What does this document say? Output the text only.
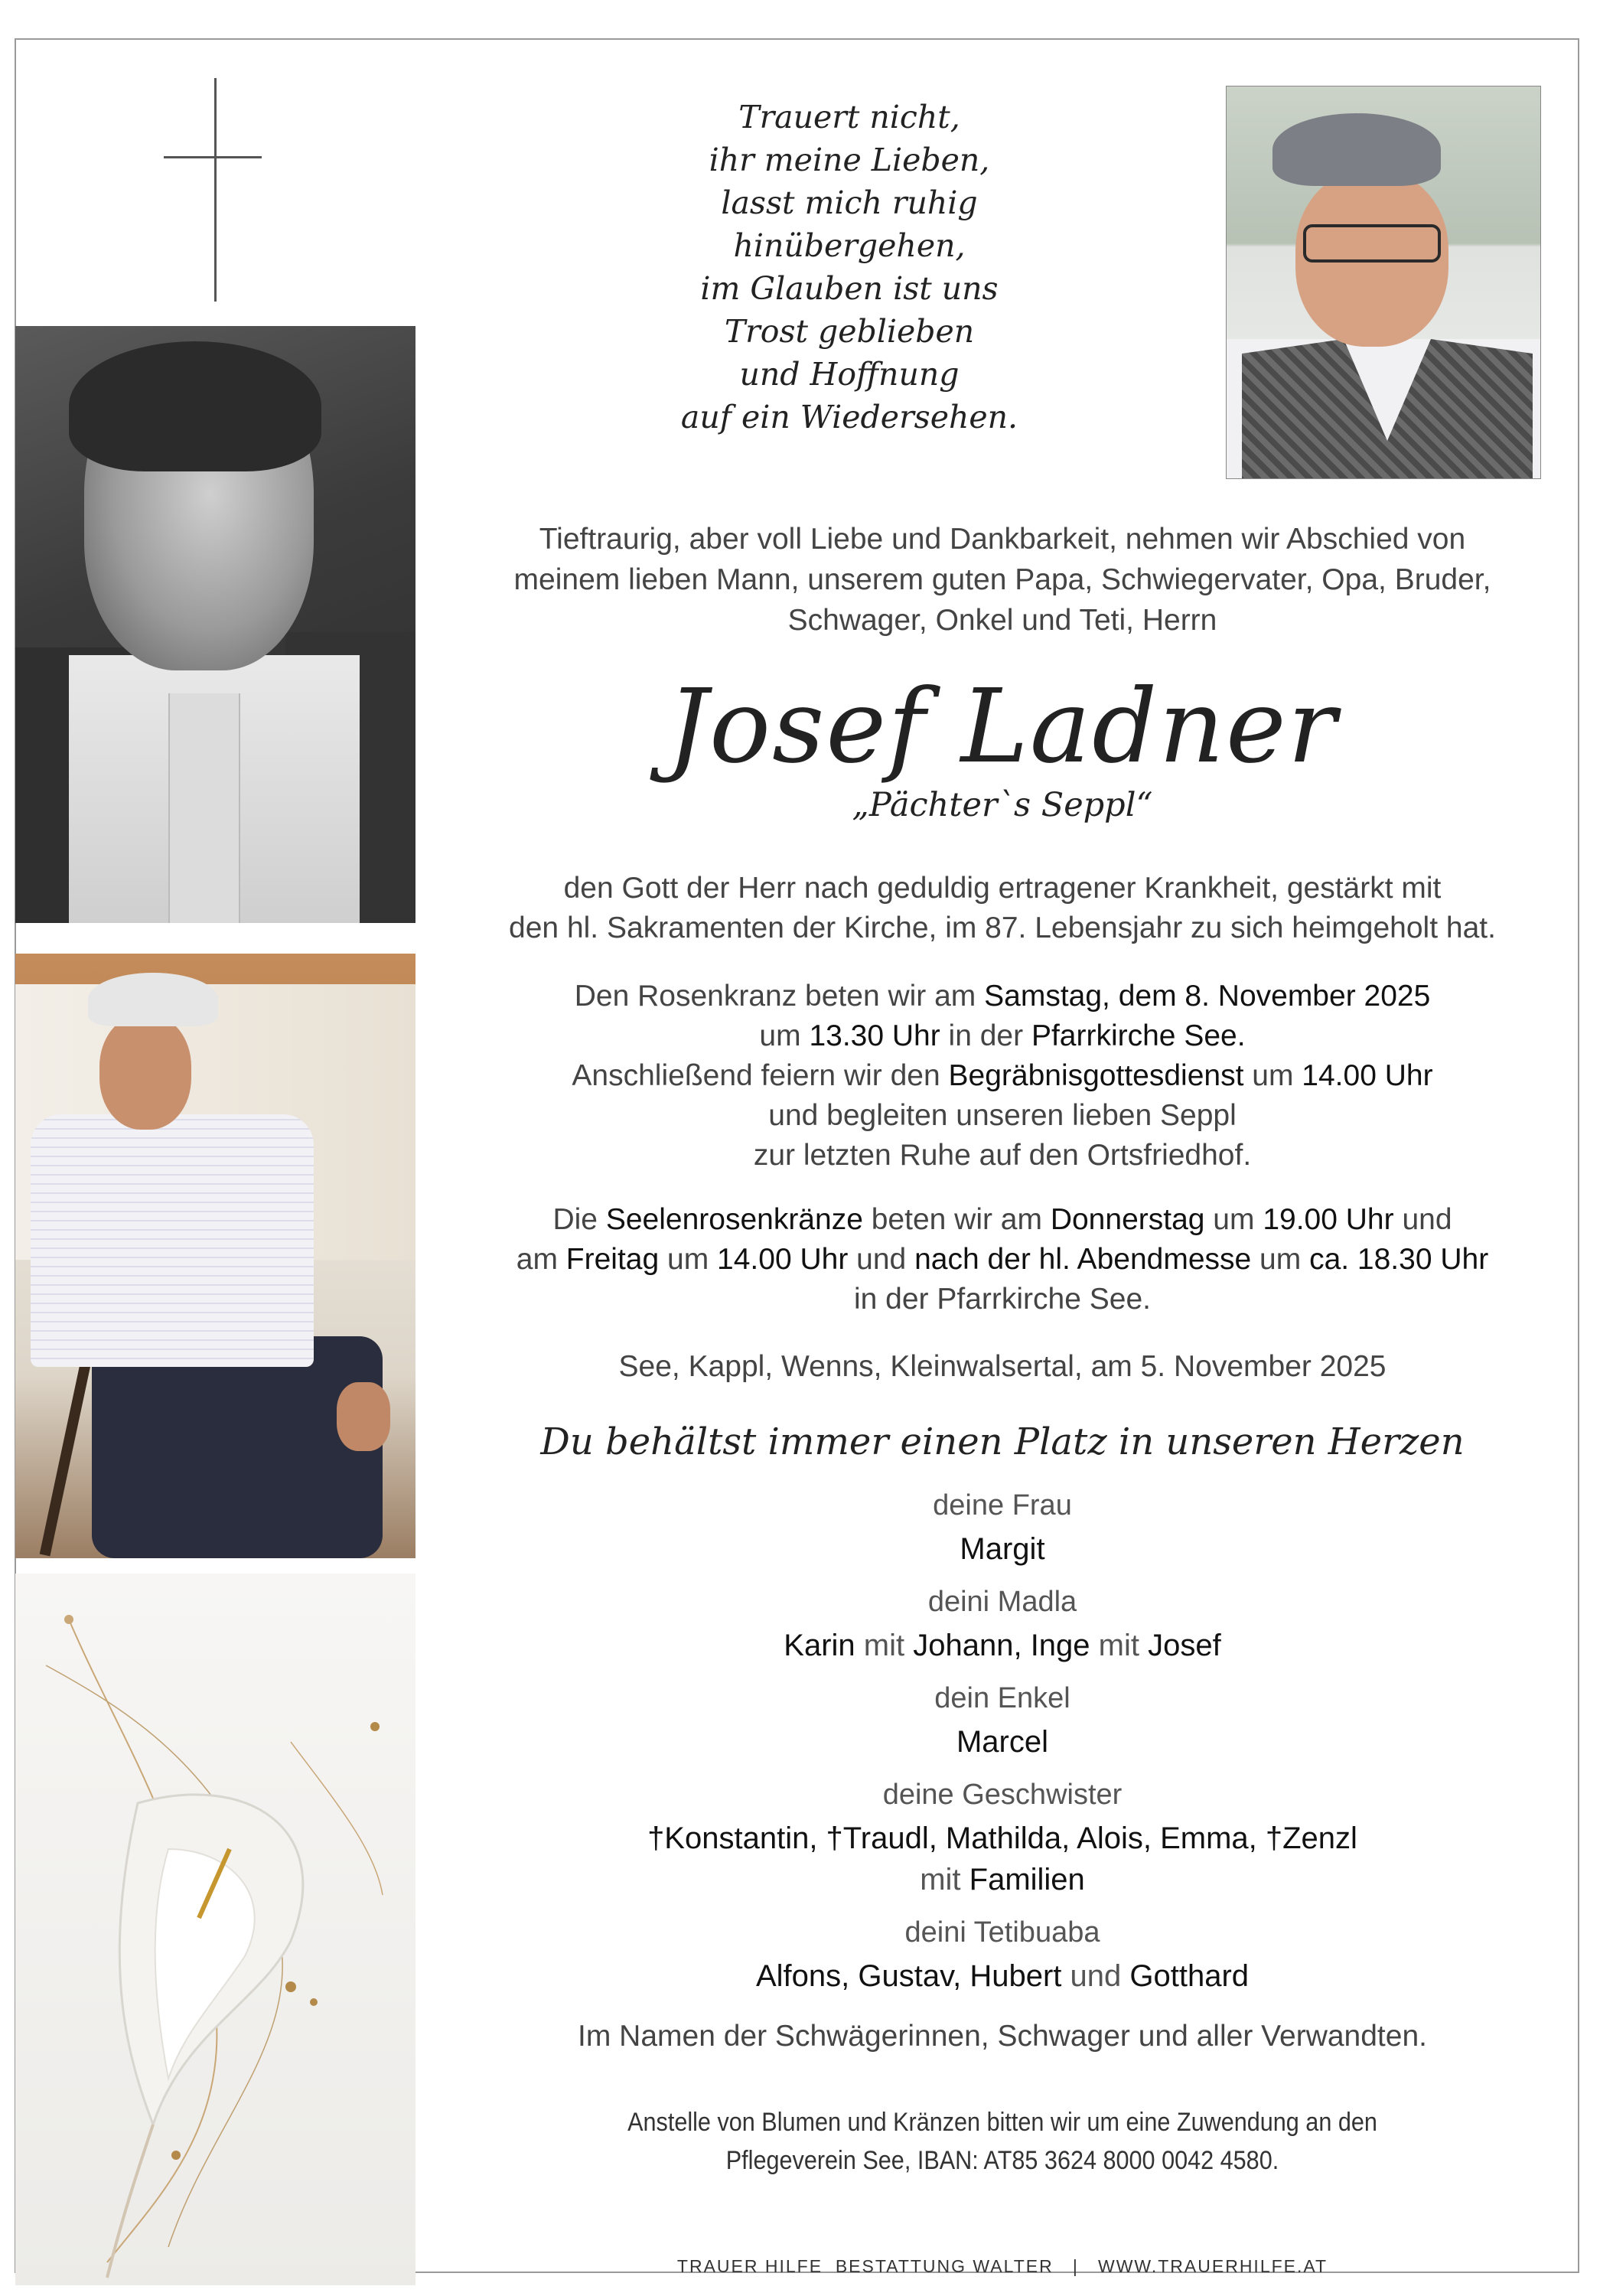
Trauert nicht,
ihr meine Lieben,
lasst mich ruhig
hinübergehen,
im Glauben ist uns
Trost geblieben
und Hoffnung
auf ein Wiedersehen.
Tieftraurig, aber voll Liebe und Dankbarkeit, nehmen wir Abschied von
meinem lieben Mann, unserem guten Papa, Schwiegervater, Opa, Bruder,
Schwager, Onkel und Teti, Herrn
Josef Ladner
„Pächter`s Seppl“
den Gott der Herr nach geduldig ertragener Krankheit, gestärkt mit
den hl. Sakramenten der Kirche, im 87. Lebensjahr zu sich heimgeholt hat.
Den Rosenkranz beten wir am Samstag, dem 8. November 2025
um 13.30 Uhr in der Pfarrkirche See.
Anschließend feiern wir den Begräbnisgottesdienst um 14.00 Uhr
und begleiten unseren lieben Seppl
zur letzten Ruhe auf den Ortsfriedhof.
Die Seelenrosenkränze beten wir am Donnerstag um 19.00 Uhr und
am Freitag um 14.00 Uhr und nach der hl. Abendmesse um ca. 18.30 Uhr
in der Pfarrkirche See.
See, Kappl, Wenns, Kleinwalsertal, am 5. November 2025
Du behältst immer einen Platz in unseren Herzen
deine Frau
Margit
deini Madla
Karin mit Johann, Inge mit Josef
dein Enkel
Marcel
deine Geschwister
†Konstantin, †Traudl, Mathilda, Alois, Emma, †Zenzl
mit Familien
deini Tetibuaba
Alfons, Gustav, Hubert und Gotthard
Im Namen der Schwägerinnen, Schwager und aller Verwandten.
Anstelle von Blumen und Kränzen bitten wir um eine Zuwendung an den
Pflegeverein See, IBAN: AT85 3624 8000 0042 4580.
TRAUER HILFE  BESTATTUNG WALTER   |   WWW.TRAUERHILFE.AT
